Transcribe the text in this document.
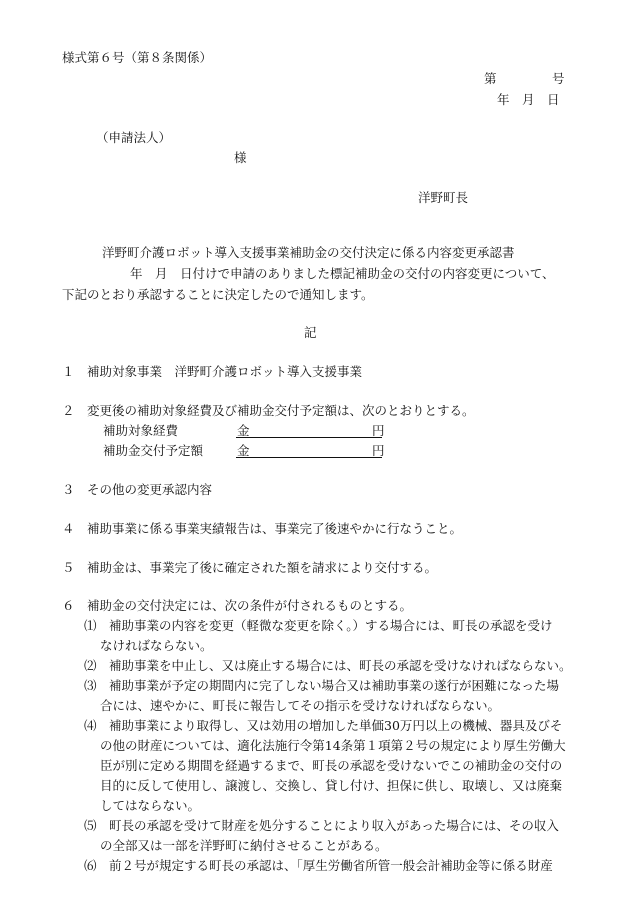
様式第６号（第８条関係）
第	号
年 月 日
（申請法人）
様
洋野町長
洋野町介護ロボット導入支援事業補助金の交付決定に係る内容変更承認書
年　月　日付けで申請のありました標記補助金の交付の内容変更について、
下記のとおり承認することに決定したので通知します。
記
１　補助対象事業　洋野町介護ロボット導入支援事業
２　変更後の補助対象経費及び補助金交付予定額は、次のとおりとする。
補助対象経費	金	円
補助金交付予定額	金	円
３　その他の変更承認内容
４　補助事業に係る事業実績報告は、事業完了後速やかに行なうこと。
５　補助金は、事業完了後に確定された額を請求により交付する。
６　補助金の交付決定には、次の条件が付されるものとする。
⑴　補助事業の内容を変更（軽微な変更を除く。）する場合には、町長の承認を受け
なければならない。
⑵　補助事業を中止し、又は廃止する場合には、町長の承認を受けなければならない。
⑶　補助事業が予定の期間内に完了しない場合又は補助事業の遂行が困難になった場
合には、速やかに、町長に報告してその指示を受けなければならない。
⑷　補助事業により取得し、又は効用の増加した単価30万円以上の機械、器具及びそ
の他の財産については、適化法施行令第14条第１項第２号の規定により厚生労働大
臣が別に定める期間を経過するまで、町長の承認を受けないでこの補助金の交付の
目的に反して使用し、譲渡し、交換し、貸し付け、担保に供し、取壊し、又は廃棄
してはならない。
⑸　町長の承認を受けて財産を処分することにより収入があった場合には、その収入
の全部又は一部を洋野町に納付させることがある。
⑹　前２号が規定する町長の承認は、「厚生労働省所管一般会計補助金等に係る財産
